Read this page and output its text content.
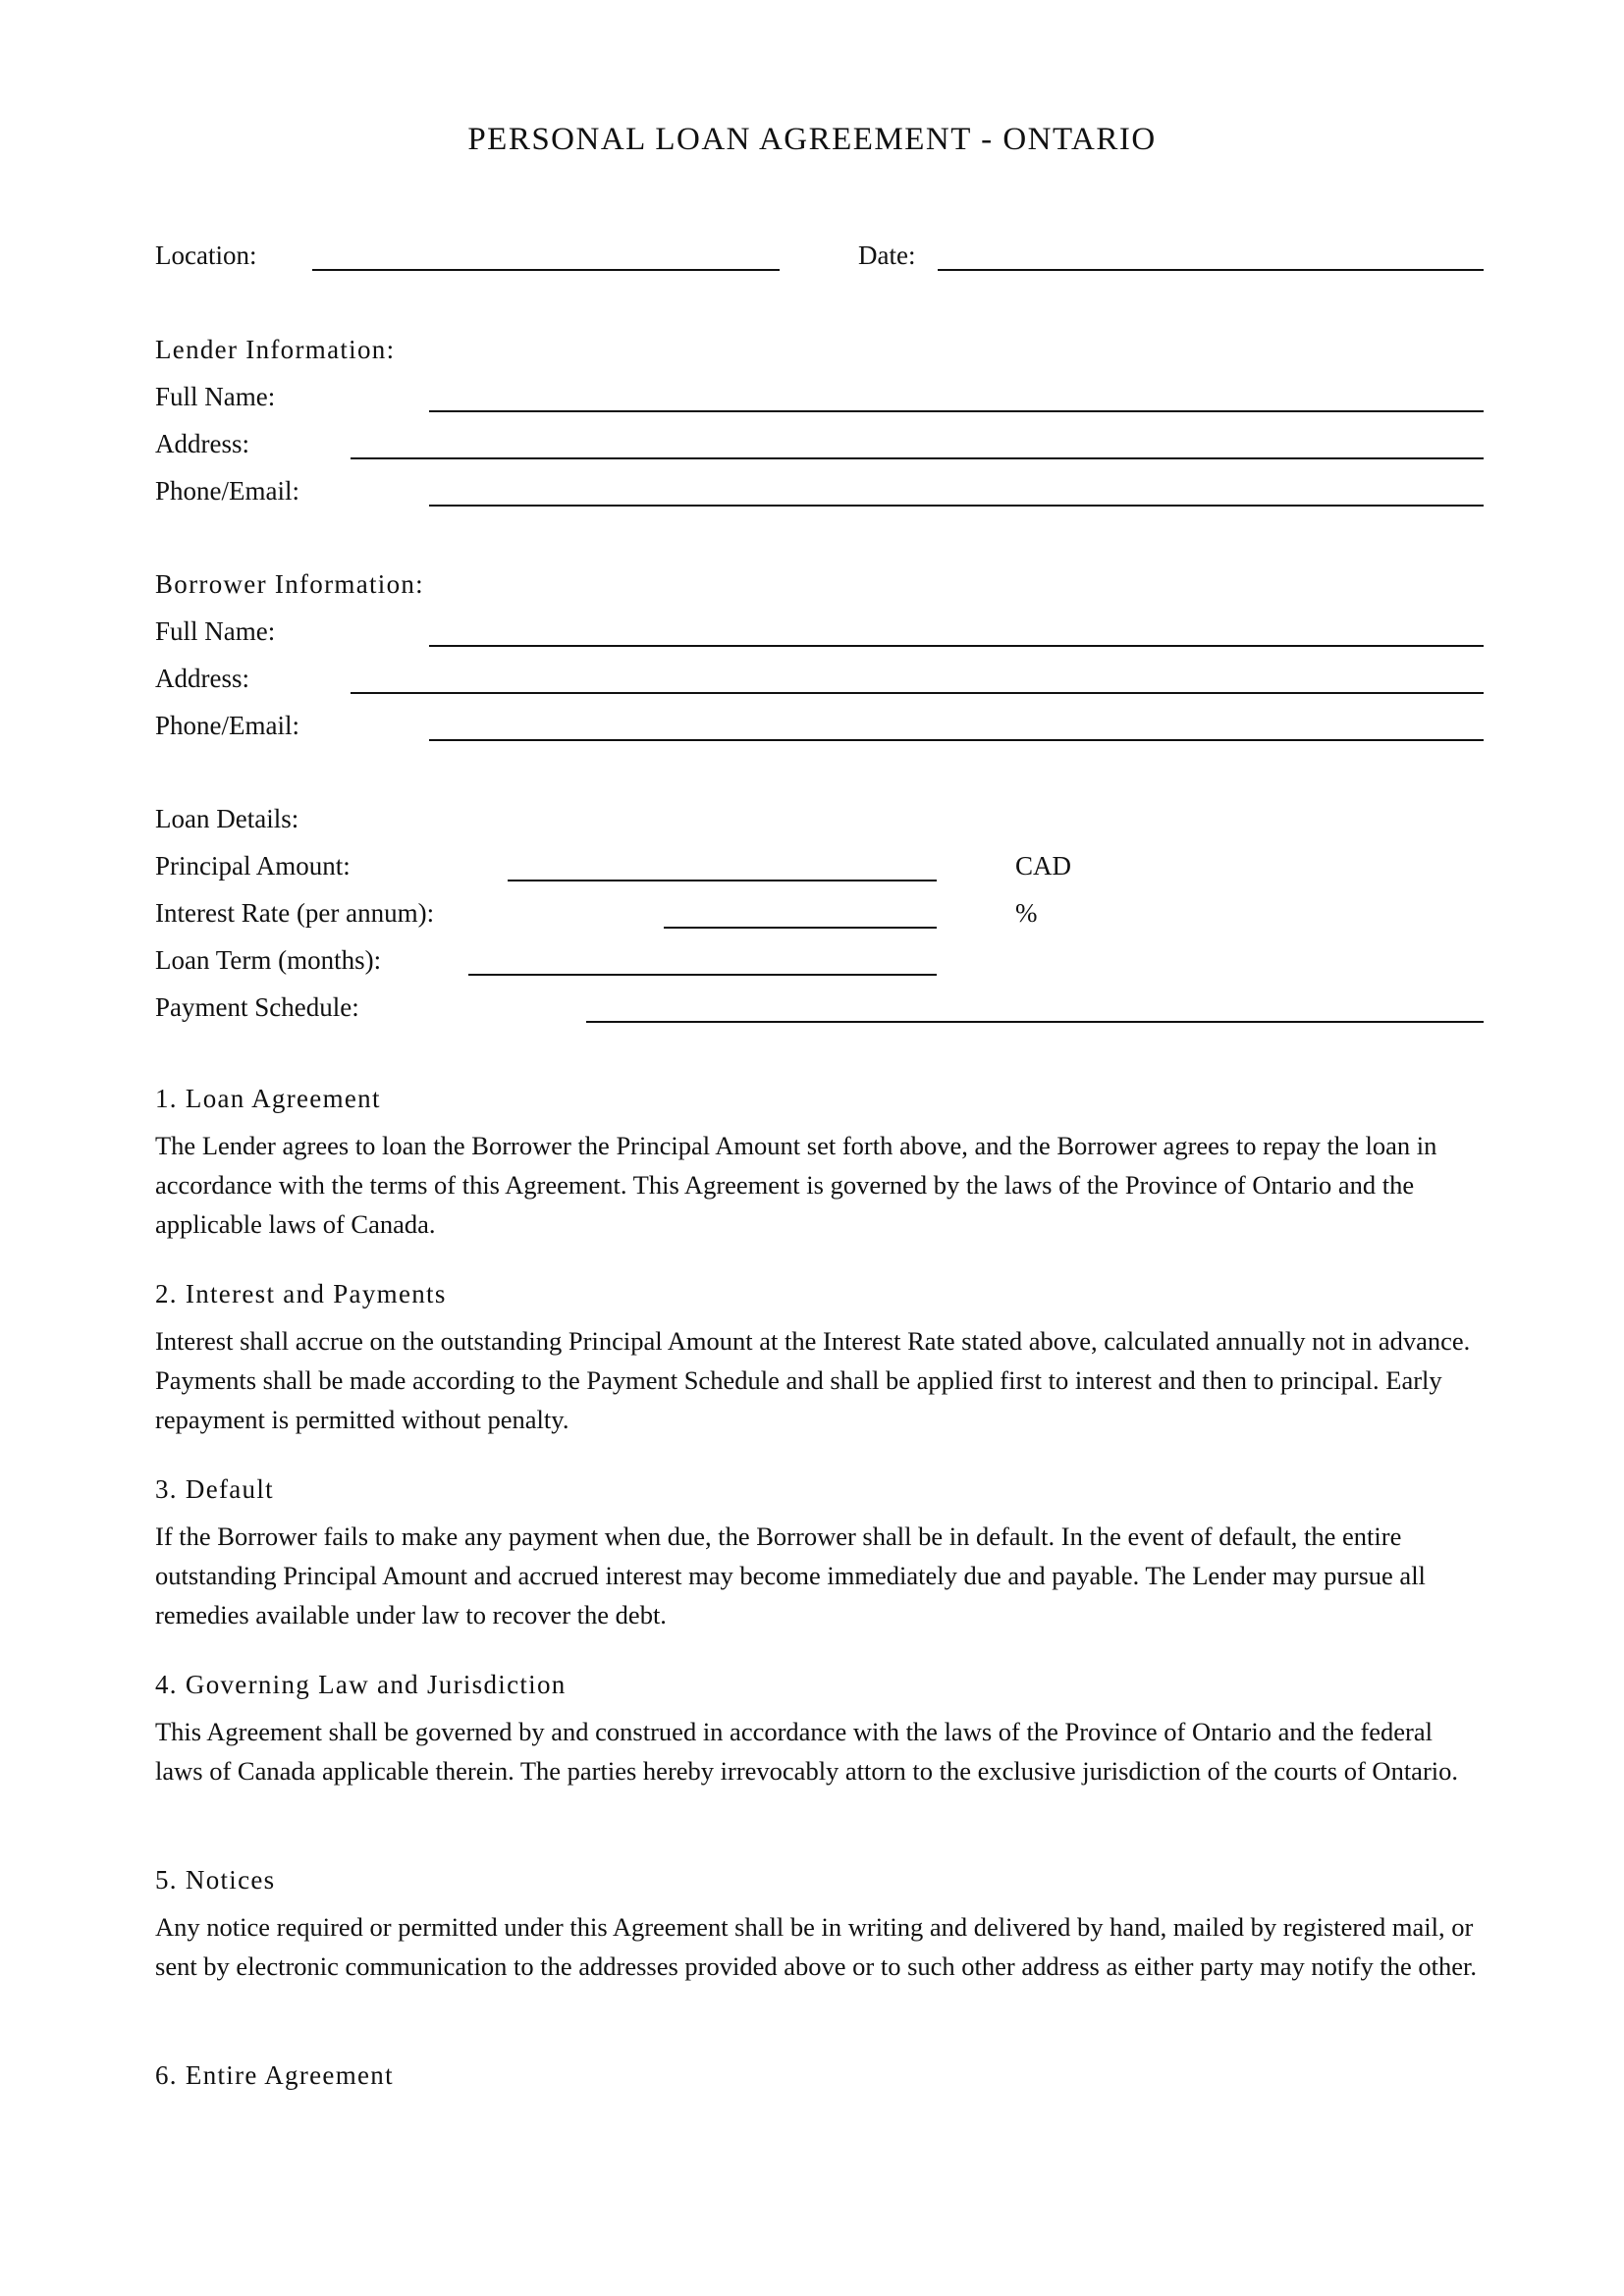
PERSONAL LOAN AGREEMENT - ONTARIO
Location:	Date:
Lender Information:
Full Name:
Address:
Phone/Email:
Borrower Information:
Full Name:
Address:
Phone/Email:
Loan Details:
Principal Amount:	CAD
Interest Rate (per annum):	%
Loan Term (months):
Payment Schedule:
1. Loan Agreement
The Lender agrees to loan the Borrower the Principal Amount set forth above, and the Borrower agrees to repay the loan in accordance with the terms of this Agreement. This Agreement is governed by the laws of the Province of Ontario and the applicable laws of Canada.
2. Interest and Payments
Interest shall accrue on the outstanding Principal Amount at the Interest Rate stated above, calculated annually not in advance. Payments shall be made according to the Payment Schedule and shall be applied first to interest and then to principal. Early repayment is permitted without penalty.
3. Default
If the Borrower fails to make any payment when due, the Borrower shall be in default. In the event of default, the entire outstanding Principal Amount and accrued interest may become immediately due and payable. The Lender may pursue all remedies available under law to recover the debt.
4. Governing Law and Jurisdiction
This Agreement shall be governed by and construed in accordance with the laws of the Province of Ontario and the federal laws of Canada applicable therein. The parties hereby irrevocably attorn to the exclusive jurisdiction of the courts of Ontario.
5. Notices
Any notice required or permitted under this Agreement shall be in writing and delivered by hand, mailed by registered mail, or sent by electronic communication to the addresses provided above or to such other address as either party may notify the other.
6. Entire Agreement
